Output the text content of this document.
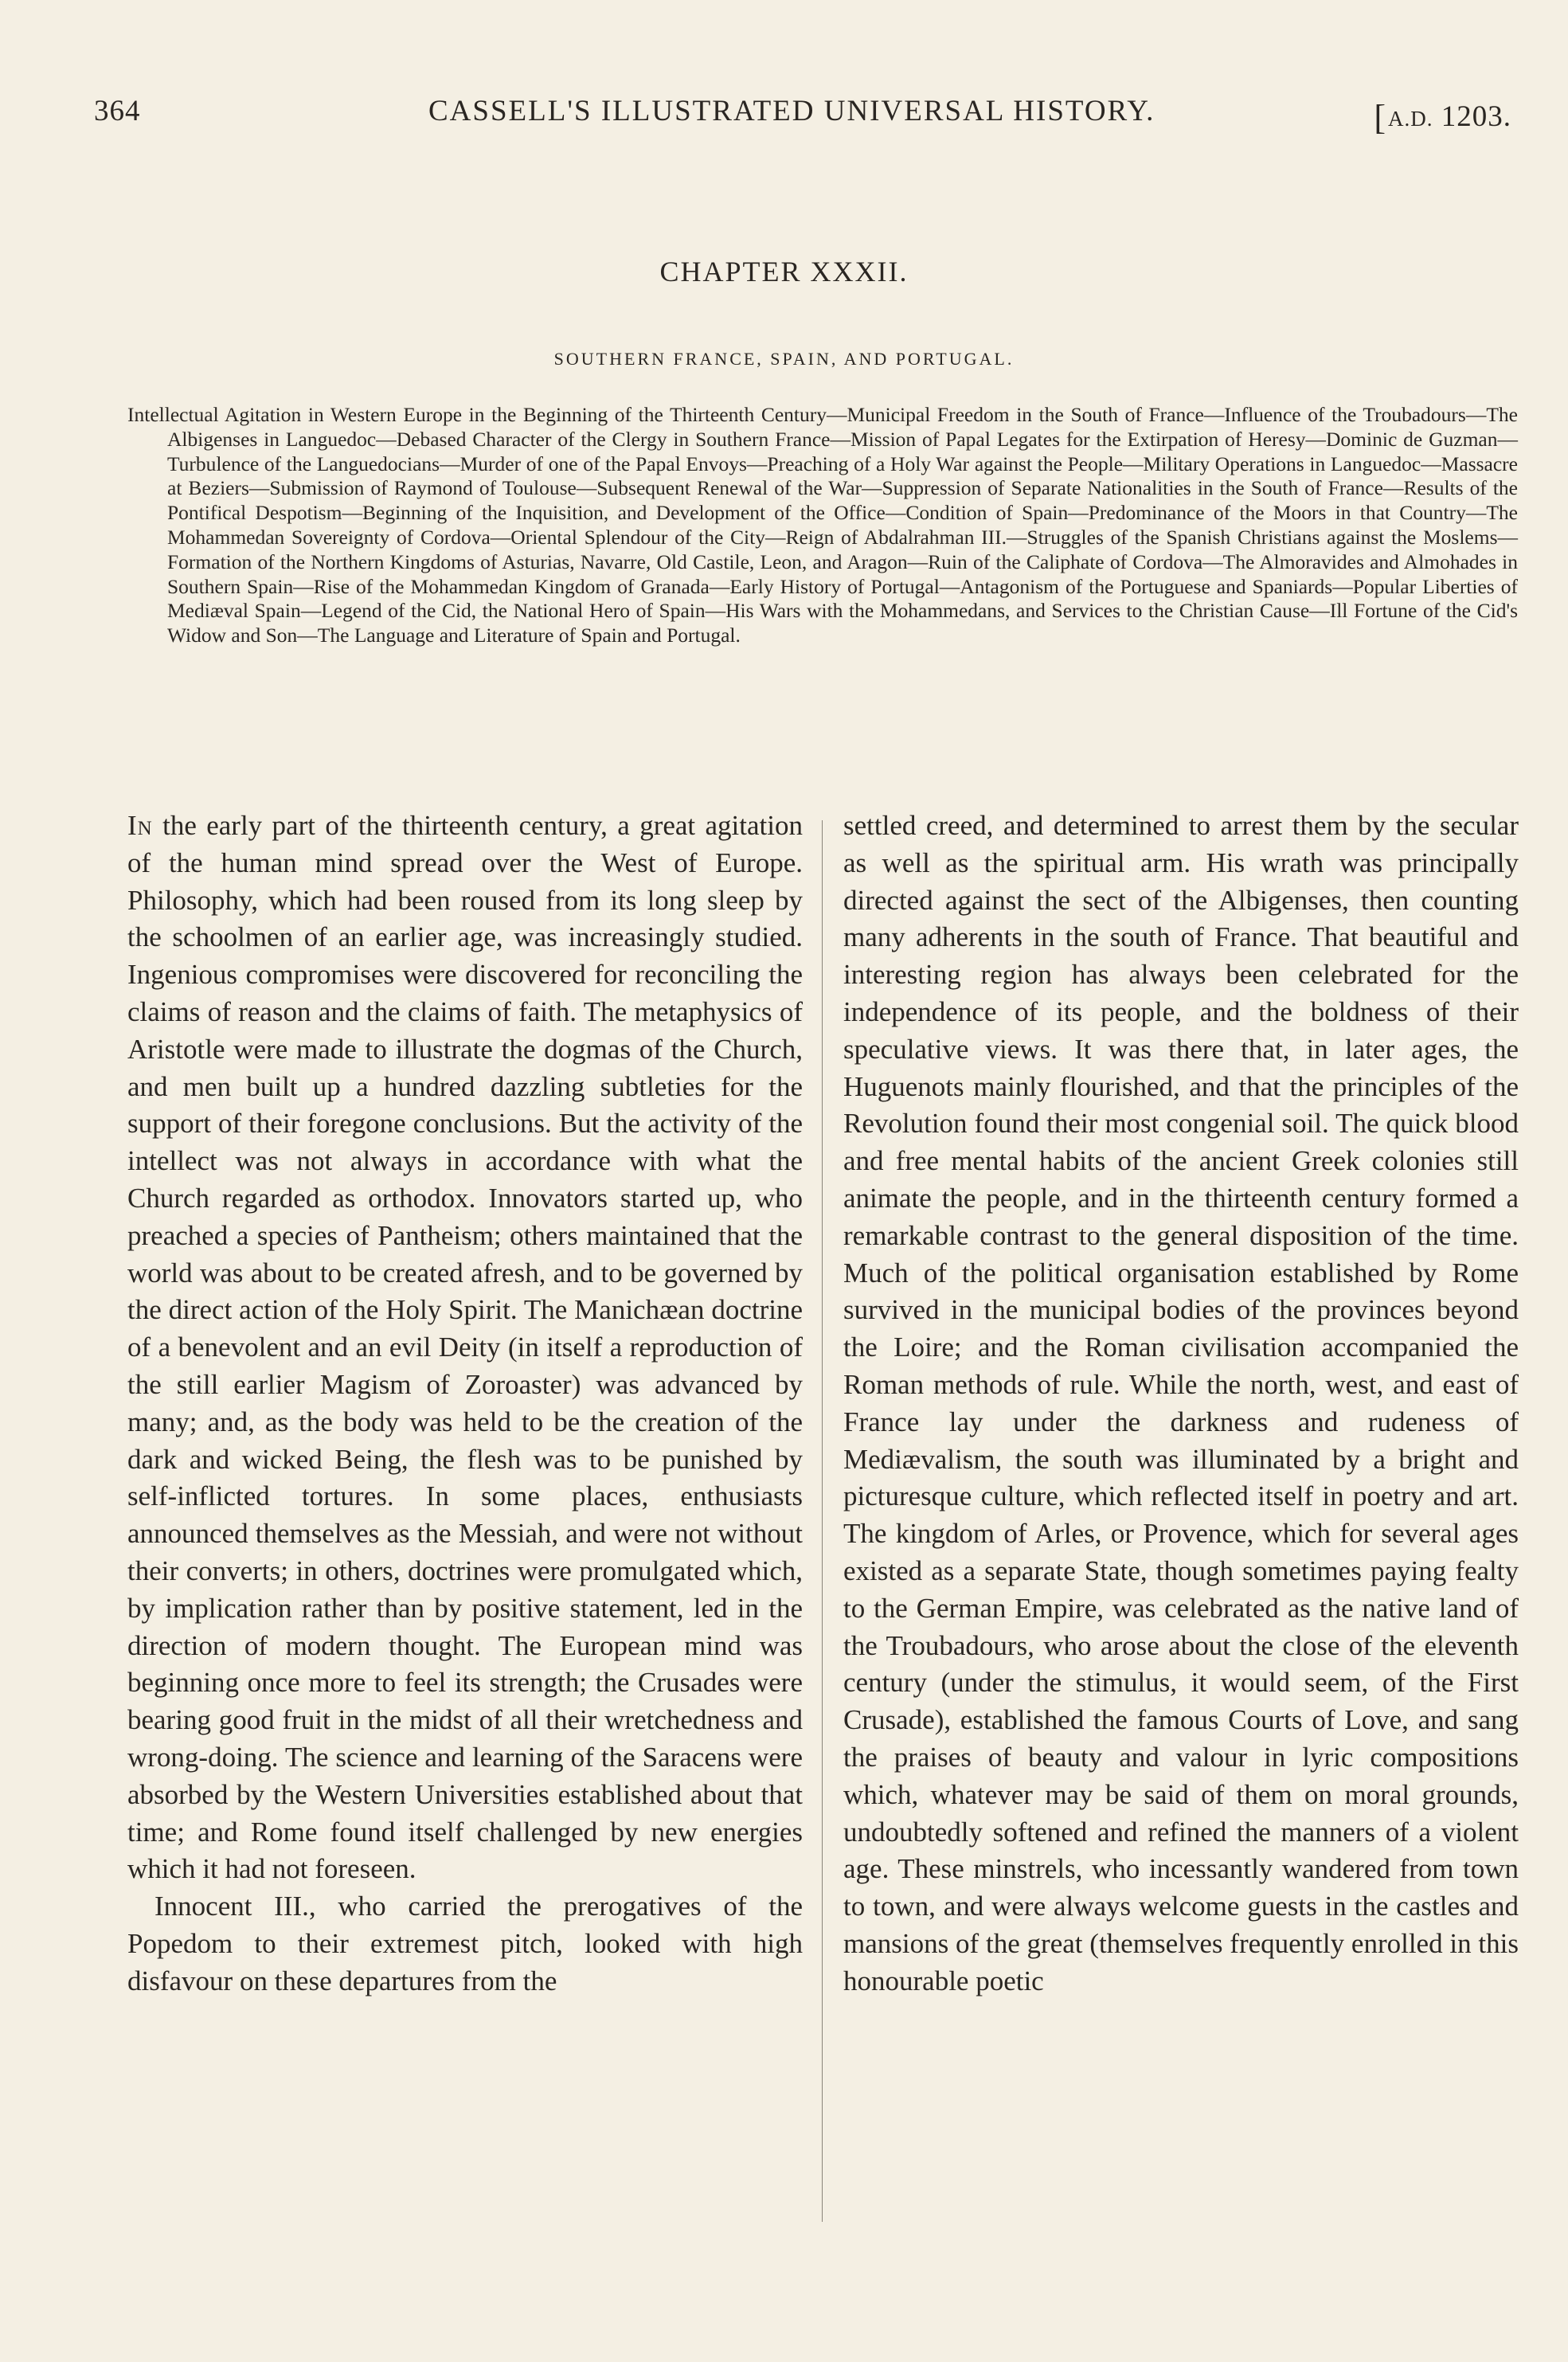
364	CASSELL'S ILLUSTRATED UNIVERSAL HISTORY.	[A.D. 1203.
CHAPTER XXXII.
SOUTHERN FRANCE, SPAIN, AND PORTUGAL.
Intellectual Agitation in Western Europe in the Beginning of the Thirteenth Century—Municipal Freedom in the South of France—Influence of the Troubadours—The Albigenses in Languedoc—Debased Character of the Clergy in Southern France—Mission of Papal Legates for the Extirpation of Heresy—Dominic de Guzman—Turbulence of the Languedocians—Murder of one of the Papal Envoys—Preaching of a Holy War against the People—Military Operations in Languedoc—Massacre at Beziers—Submission of Raymond of Toulouse—Subsequent Renewal of the War—Suppression of Separate Nationalities in the South of France—Results of the Pontifical Despotism—Beginning of the Inquisition, and Development of the Office—Condition of Spain—Predominance of the Moors in that Country—The Mohammedan Sovereignty of Cordova—Oriental Splendour of the City—Reign of Abdalrahman III.—Struggles of the Spanish Christians against the Moslems—Formation of the Northern Kingdoms of Asturias, Navarre, Old Castile, Leon, and Aragon—Ruin of the Caliphate of Cordova—The Almoravides and Almohades in Southern Spain—Rise of the Mohammedan Kingdom of Granada—Early History of Portugal—Antagonism of the Portuguese and Spaniards—Popular Liberties of Mediæval Spain—Legend of the Cid, the National Hero of Spain—His Wars with the Mohammedans, and Services to the Christian Cause—Ill Fortune of the Cid's Widow and Son—The Language and Literature of Spain and Portugal.

In the early part of the thirteenth century, a great agitation of the human mind spread over the West of Europe. Philosophy, which had been roused from its long sleep by the schoolmen of an earlier age, was increasingly studied. Ingenious compromises were discovered for reconciling the claims of reason and the claims of faith. The metaphysics of Aristotle were made to illustrate the dogmas of the Church, and men built up a hundred dazzling subtleties for the support of their foregone conclusions. But the activity of the intellect was not always in accordance with what the Church regarded as orthodox. Innovators started up, who preached a species of Pantheism; others maintained that the world was about to be created afresh, and to be governed by the direct action of the Holy Spirit. The Manichæan doctrine of a benevolent and an evil Deity (in itself a reproduction of the still earlier Magism of Zoroaster) was advanced by many; and, as the body was held to be the creation of the dark and wicked Being, the flesh was to be punished by self-inflicted tortures. In some places, enthusiasts announced themselves as the Messiah, and were not without their converts; in others, doctrines were promulgated which, by implication rather than by positive statement, led in the direction of modern thought. The European mind was beginning once more to feel its strength; the Crusades were bearing good fruit in the midst of all their wretchedness and wrong-doing. The science and learning of the Saracens were absorbed by the Western Universities established about that time; and Rome found itself challenged by new energies which it had not foreseen.

Innocent III., who carried the prerogatives of the Popedom to their extremest pitch, looked with high disfavour on these departures from the

settled creed, and determined to arrest them by the secular as well as the spiritual arm. His wrath was principally directed against the sect of the Albigenses, then counting many adherents in the south of France. That beautiful and interesting region has always been celebrated for the independence of its people, and the boldness of their speculative views. It was there that, in later ages, the Huguenots mainly flourished, and that the principles of the Revolution found their most congenial soil. The quick blood and free mental habits of the ancient Greek colonies still animate the people, and in the thirteenth century formed a remarkable contrast to the general disposition of the time. Much of the political organisation established by Rome survived in the municipal bodies of the provinces beyond the Loire; and the Roman civilisation accompanied the Roman methods of rule. While the north, west, and east of France lay under the darkness and rudeness of Mediævalism, the south was illuminated by a bright and picturesque culture, which reflected itself in poetry and art. The kingdom of Arles, or Provence, which for several ages existed as a separate State, though sometimes paying fealty to the German Empire, was celebrated as the native land of the Troubadours, who arose about the close of the eleventh century (under the stimulus, it would seem, of the First Crusade), established the famous Courts of Love, and sang the praises of beauty and valour in lyric compositions which, whatever may be said of them on moral grounds, undoubtedly softened and refined the manners of a violent age. These minstrels, who incessantly wandered from town to town, and were always welcome guests in the castles and mansions of the great (themselves frequently enrolled in this honourable poetic
